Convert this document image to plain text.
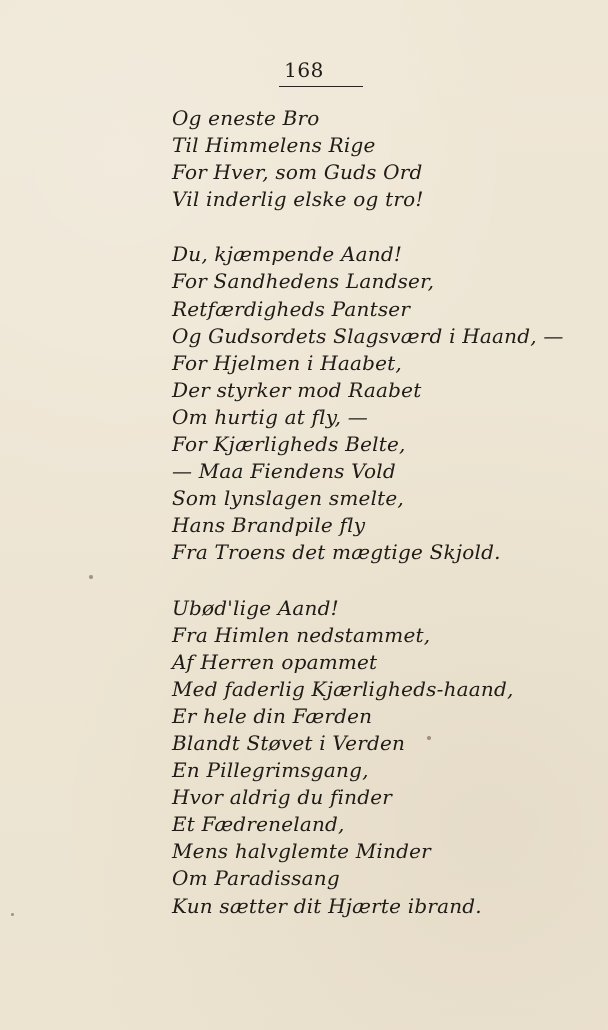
168
Og eneste Bro
Til Himmelens Rige
For Hver, som Guds Ord
Vil inderlig elske og tro!
Du, kjæmpende Aand!
For Sandhedens Landser,
Retfærdigheds Pantser
Og Gudsordets Slagsværd i Haand, —
For Hjelmen i Haabet,
Der styrker mod Raabet
Om hurtig at fly, —
For Kjærligheds Belte,
— Maa Fiendens Vold
Som lynslagen smelte,
Hans Brandpile fly
Fra Troens det mægtige Skjold.
Ubød'lige Aand!
Fra Himlen nedstammet,
Af Herren opammet
Med faderlig Kjærligheds-haand,
Er hele din Færden
Blandt Støvet i Verden
En Pillegrimsgang,
Hvor aldrig du finder
Et Fædreneland,
Mens halvglemte Minder
Om Paradissang
Kun sætter dit Hjærte ibrand.
